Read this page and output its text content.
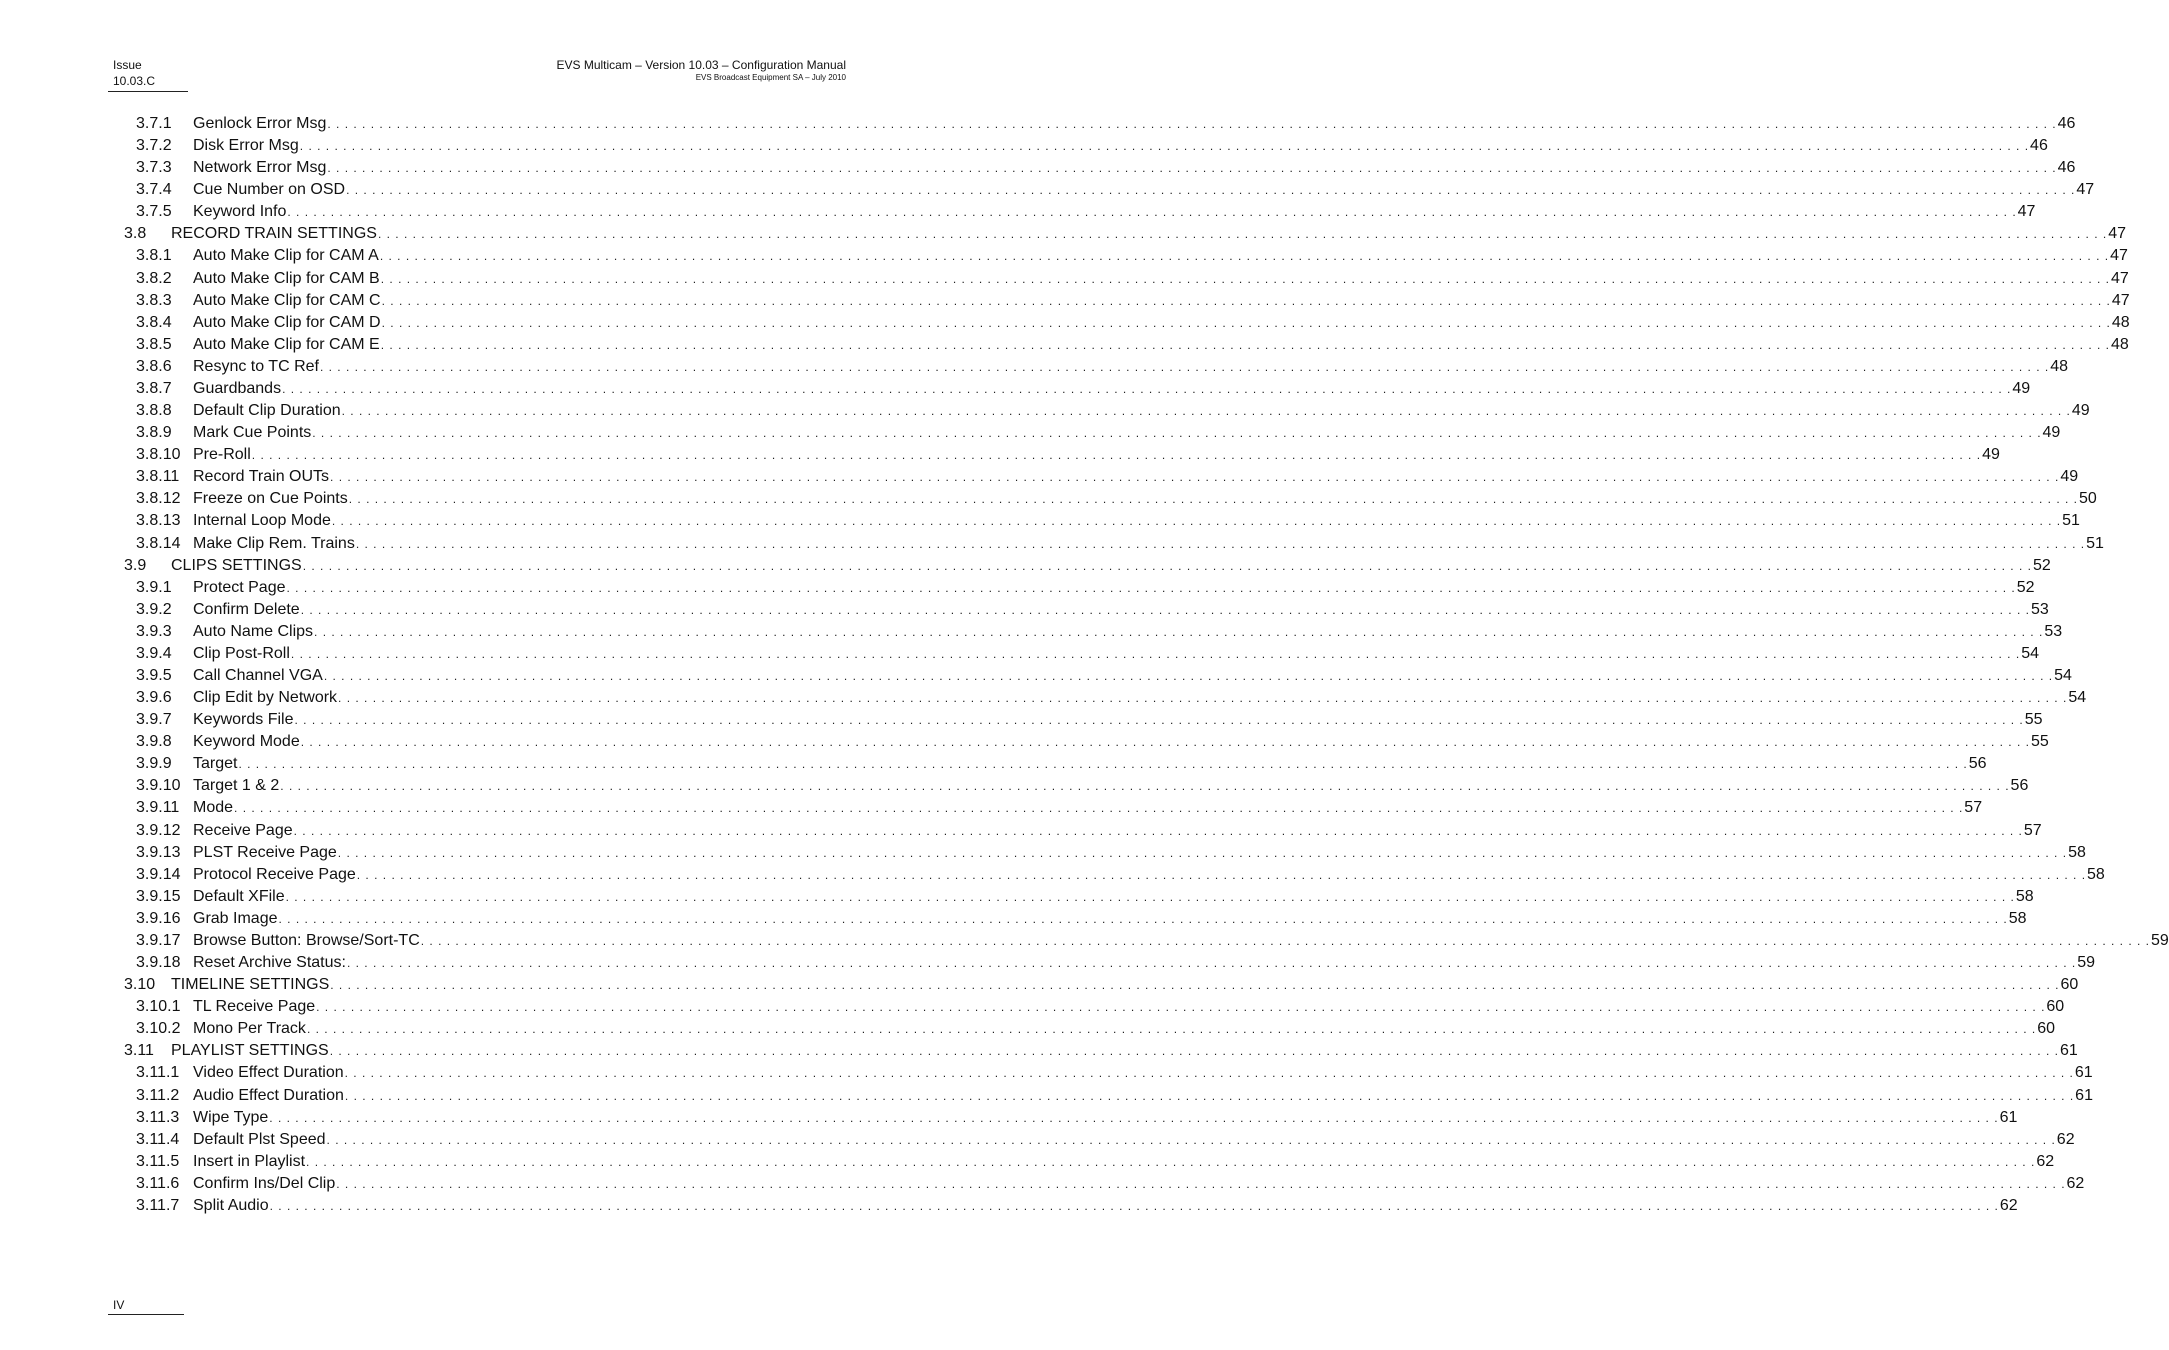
Issue
10.03.C
EVS Multicam – Version 10.03 – Configuration Manual
EVS Broadcast Equipment SA – July 2010
3.7.1 Genlock Error Msg . . . . . . . . . . . . . . . . . . . . . . . . . . . . . . . . . . . . . . . . . . . . . . . . . . . . . . . . . . . . . . . . . . . . . . . . . . . . . . . . . . . . . . . . . . . . . . . . . . . . . . . . . . . . . . . . . . . . . . . . . . . . . . . . . . . . . . . . . . . . . . . . . . . . . . . . . . . . . . . . . . . . . . . . . . . . . . . . . . . . . . . . . . . . . . . . . . . . . . . . 46
3.7.2 Disk Error Msg . . . . . . . . . . . . . . . . . . . . . . . . . . . . . . . . . . . . . . . . . . . . . . . . . . . . . . . . . . . . . . . . . . . . . . . . . . . . . . . . . . . . . . . . . . . . . . . . . . . . . . . . . . . . . . . . . . . . . . . . . . . . . . . . . . . . . . . . . . . . . . . . . . . . . . . . . . . . . . . . . . . . . . . . . . . . . . . . . . . . . . . . . . . . . . . . . . . . . . . . 46
3.7.3 Network Error Msg . . . . . . . . . . . . . . . . . . . . . . . . . . . . . . . . . . . . . . . . . . . . . . . . . . . . . . . . . . . . . . . . . . . . . . . . . . . . . . . . . . . . . . . . . . . . . . . . . . . . . . . . . . . . . . . . . . . . . . . . . . . . . . . . . . . . . . . . . . . . . . . . . . . . . . . . . . . . . . . . . . . . . . . . . . . . . . . . . . . . . . . . . . . . . . . . . . . . . . . . 46
3.7.4 Cue Number on OSD . . . . . . . . . . . . . . . . . . . . . . . . . . . . . . . . . . . . . . . . . . . . . . . . . . . . . . . . . . . . . . . . . . . . . . . . . . . . . . . . . . . . . . . . . . . . . . . . . . . . . . . . . . . . . . . . . . . . . . . . . . . . . . . . . . . . . . . . . . . . . . . . . . . . . . . . . . . . . . . . . . . . . . . . . . . . . . . . . . . . . . . . . . . . . . . . . . . . . . . . 47
3.7.5 Keyword Info . . . . . . . . . . . . . . . . . . . . . . . . . . . . . . . . . . . . . . . . . . . . . . . . . . . . . . . . . . . . . . . . . . . . . . . . . . . . . . . . . . . . . . . . . . . . . . . . . . . . . . . . . . . . . . . . . . . . . . . . . . . . . . . . . . . . . . . . . . . . . . . . . . . . . . . . . . . . . . . . . . . . . . . . . . . . . . . . . . . . . . . . . . . . . . . . . . . . . . . . 47
3.8 RECORD TRAIN SETTINGS . . . . . . . . . . . . . . . . . . . . . . . . . . . . . . . . . . . . . . . . . . . . . . . . . . . . . . . . . . . . . . . . . . . . . . . . . . . . . . . . . . . . . . . . . . . . . . . . . . . . . . . . . . . . . . . . . . . . . . . . . . . . . . . . . . . . . . . . . . . . . . . . . . . . . . . . . . . . . . . . . . . . . . . . . . . . . . . . . . . . . . . . . . . . . . . . . . . . . . . . 47
3.8.1 Auto Make Clip for CAM A . . . . . . . . . . . . . . . . . . . . . . . . . . . . . . . . . . . . . . . . . . . . . . . . . . . . . . . . . . . . . . . . . . . . . . . . . . . . . . . . . . . . . . . . . . . . . . . . . . . . . . . . . . . . . . . . . . . . . . . . . . . . . . . . . . . . . . . . . . . . . . . . . . . . . . . . . . . . . . . . . . . . . . . . . . . . . . . . . . . . . . . . . . . . . . . . . . . . . . . . 47
3.8.2 Auto Make Clip for CAM B . . . . . . . . . . . . . . . . . . . . . . . . . . . . . . . . . . . . . . . . . . . . . . . . . . . . . . . . . . . . . . . . . . . . . . . . . . . . . . . . . . . . . . . . . . . . . . . . . . . . . . . . . . . . . . . . . . . . . . . . . . . . . . . . . . . . . . . . . . . . . . . . . . . . . . . . . . . . . . . . . . . . . . . . . . . . . . . . . . . . . . . . . . . . . . . . . . . . . . . . 47
3.8.3 Auto Make Clip for CAM C . . . . . . . . . . . . . . . . . . . . . . . . . . . . . . . . . . . . . . . . . . . . . . . . . . . . . . . . . . . . . . . . . . . . . . . . . . . . . . . . . . . . . . . . . . . . . . . . . . . . . . . . . . . . . . . . . . . . . . . . . . . . . . . . . . . . . . . . . . . . . . . . . . . . . . . . . . . . . . . . . . . . . . . . . . . . . . . . . . . . . . . . . . . . . . . . . . . . . . . . 47
3.8.4 Auto Make Clip for CAM D . . . . . . . . . . . . . . . . . . . . . . . . . . . . . . . . . . . . . . . . . . . . . . . . . . . . . . . . . . . . . . . . . . . . . . . . . . . . . . . . . . . . . . . . . . . . . . . . . . . . . . . . . . . . . . . . . . . . . . . . . . . . . . . . . . . . . . . . . . . . . . . . . . . . . . . . . . . . . . . . . . . . . . . . . . . . . . . . . . . . . . . . . . . . . . . . . . . . . . . . 48
3.8.5 Auto Make Clip for CAM E . . . . . . . . . . . . . . . . . . . . . . . . . . . . . . . . . . . . . . . . . . . . . . . . . . . . . . . . . . . . . . . . . . . . . . . . . . . . . . . . . . . . . . . . . . . . . . . . . . . . . . . . . . . . . . . . . . . . . . . . . . . . . . . . . . . . . . . . . . . . . . . . . . . . . . . . . . . . . . . . . . . . . . . . . . . . . . . . . . . . . . . . . . . . . . . . . . . . . . . . 48
3.8.6 Resync to TC Ref . . . . . . . . . . . . . . . . . . . . . . . . . . . . . . . . . . . . . . . . . . . . . . . . . . . . . . . . . . . . . . . . . . . . . . . . . . . . . . . . . . . . . . . . . . . . . . . . . . . . . . . . . . . . . . . . . . . . . . . . . . . . . . . . . . . . . . . . . . . . . . . . . . . . . . . . . . . . . . . . . . . . . . . . . . . . . . . . . . . . . . . . . . . . . . . . . . . . . . . . 48
3.8.7 Guardbands . . . . . . . . . . . . . . . . . . . . . . . . . . . . . . . . . . . . . . . . . . . . . . . . . . . . . . . . . . . . . . . . . . . . . . . . . . . . . . . . . . . . . . . . . . . . . . . . . . . . . . . . . . . . . . . . . . . . . . . . . . . . . . . . . . . . . . . . . . . . . . . . . . . . . . . . . . . . . . . . . . . . . . . . . . . . . . . . . . . . . . . . . . . . . . . . . . . . . . . . 49
3.8.8 Default Clip Duration . . . . . . . . . . . . . . . . . . . . . . . . . . . . . . . . . . . . . . . . . . . . . . . . . . . . . . . . . . . . . . . . . . . . . . . . . . . . . . . . . . . . . . . . . . . . . . . . . . . . . . . . . . . . . . . . . . . . . . . . . . . . . . . . . . . . . . . . . . . . . . . . . . . . . . . . . . . . . . . . . . . . . . . . . . . . . . . . . . . . . . . . . . . . . . . . . . . . . . . . 49
3.8.9 Mark Cue Points . . . . . . . . . . . . . . . . . . . . . . . . . . . . . . . . . . . . . . . . . . . . . . . . . . . . . . . . . . . . . . . . . . . . . . . . . . . . . . . . . . . . . . . . . . . . . . . . . . . . . . . . . . . . . . . . . . . . . . . . . . . . . . . . . . . . . . . . . . . . . . . . . . . . . . . . . . . . . . . . . . . . . . . . . . . . . . . . . . . . . . . . . . . . . . . . . . . . . . . . 49
3.8.10 Pre-Roll . . . . . . . . . . . . . . . . . . . . . . . . . . . . . . . . . . . . . . . . . . . . . . . . . . . . . . . . . . . . . . . . . . . . . . . . . . . . . . . . . . . . . . . . . . . . . . . . . . . . . . . . . . . . . . . . . . . . . . . . . . . . . . . . . . . . . . . . . . . . . . . . . . . . . . . . . . . . . . . . . . . . . . . . . . . . . . . . . . . . . . . . . . . . . . . . . . . . . . . . 49
3.8.11 Record Train OUTs . . . . . . . . . . . . . . . . . . . . . . . . . . . . . . . . . . . . . . . . . . . . . . . . . . . . . . . . . . . . . . . . . . . . . . . . . . . . . . . . . . . . . . . . . . . . . . . . . . . . . . . . . . . . . . . . . . . . . . . . . . . . . . . . . . . . . . . . . . . . . . . . . . . . . . . . . . . . . . . . . . . . . . . . . . . . . . . . . . . . . . . . . . . . . . . . . . . . . . . . 49
3.8.12 Freeze on Cue Points . . . . . . . . . . . . . . . . . . . . . . . . . . . . . . . . . . . . . . . . . . . . . . . . . . . . . . . . . . . . . . . . . . . . . . . . . . . . . . . . . . . . . . . . . . . . . . . . . . . . . . . . . . . . . . . . . . . . . . . . . . . . . . . . . . . . . . . . . . . . . . . . . . . . . . . . . . . . . . . . . . . . . . . . . . . . . . . . . . . . . . . . . . . . . . . . . . . . . . . . 50
3.8.13 Internal Loop Mode . . . . . . . . . . . . . . . . . . . . . . . . . . . . . . . . . . . . . . . . . . . . . . . . . . . . . . . . . . . . . . . . . . . . . . . . . . . . . . . . . . . . . . . . . . . . . . . . . . . . . . . . . . . . . . . . . . . . . . . . . . . . . . . . . . . . . . . . . . . . . . . . . . . . . . . . . . . . . . . . . . . . . . . . . . . . . . . . . . . . . . . . . . . . . . . . . . . . . . . . 51
3.8.14 Make Clip Rem. Trains . . . . . . . . . . . . . . . . . . . . . . . . . . . . . . . . . . . . . . . . . . . . . . . . . . . . . . . . . . . . . . . . . . . . . . . . . . . . . . . . . . . . . . . . . . . . . . . . . . . . . . . . . . . . . . . . . . . . . . . . . . . . . . . . . . . . . . . . . . . . . . . . . . . . . . . . . . . . . . . . . . . . . . . . . . . . . . . . . . . . . . . . . . . . . . . . . . . . . . . . 51
3.9 CLIPS SETTINGS . . . . . . . . . . . . . . . . . . . . . . . . . . . . . . . . . . . . . . . . . . . . . . . . . . . . . . . . . . . . . . . . . . . . . . . . . . . . . . . . . . . . . . . . . . . . . . . . . . . . . . . . . . . . . . . . . . . . . . . . . . . . . . . . . . . . . . . . . . . . . . . . . . . . . . . . . . . . . . . . . . . . . . . . . . . . . . . . . . . . . . . . . . . . . . . . . . . . . . . . 52
3.9.1 Protect Page . . . . . . . . . . . . . . . . . . . . . . . . . . . . . . . . . . . . . . . . . . . . . . . . . . . . . . . . . . . . . . . . . . . . . . . . . . . . . . . . . . . . . . . . . . . . . . . . . . . . . . . . . . . . . . . . . . . . . . . . . . . . . . . . . . . . . . . . . . . . . . . . . . . . . . . . . . . . . . . . . . . . . . . . . . . . . . . . . . . . . . . . . . . . . . . . . . . . . . . . 52
3.9.2 Confirm Delete . . . . . . . . . . . . . . . . . . . . . . . . . . . . . . . . . . . . . . . . . . . . . . . . . . . . . . . . . . . . . . . . . . . . . . . . . . . . . . . . . . . . . . . . . . . . . . . . . . . . . . . . . . . . . . . . . . . . . . . . . . . . . . . . . . . . . . . . . . . . . . . . . . . . . . . . . . . . . . . . . . . . . . . . . . . . . . . . . . . . . . . . . . . . . . . . . . . . . . . . 53
3.9.3 Auto Name Clips . . . . . . . . . . . . . . . . . . . . . . . . . . . . . . . . . . . . . . . . . . . . . . . . . . . . . . . . . . . . . . . . . . . . . . . . . . . . . . . . . . . . . . . . . . . . . . . . . . . . . . . . . . . . . . . . . . . . . . . . . . . . . . . . . . . . . . . . . . . . . . . . . . . . . . . . . . . . . . . . . . . . . . . . . . . . . . . . . . . . . . . . . . . . . . . . . . . . . . . . 53
3.9.4 Clip Post-Roll . . . . . . . . . . . . . . . . . . . . . . . . . . . . . . . . . . . . . . . . . . . . . . . . . . . . . . . . . . . . . . . . . . . . . . . . . . . . . . . . . . . . . . . . . . . . . . . . . . . . . . . . . . . . . . . . . . . . . . . . . . . . . . . . . . . . . . . . . . . . . . . . . . . . . . . . . . . . . . . . . . . . . . . . . . . . . . . . . . . . . . . . . . . . . . . . . . . . . . . . 54
3.9.5 Call Channel VGA . . . . . . . . . . . . . . . . . . . . . . . . . . . . . . . . . . . . . . . . . . . . . . . . . . . . . . . . . . . . . . . . . . . . . . . . . . . . . . . . . . . . . . . . . . . . . . . . . . . . . . . . . . . . . . . . . . . . . . . . . . . . . . . . . . . . . . . . . . . . . . . . . . . . . . . . . . . . . . . . . . . . . . . . . . . . . . . . . . . . . . . . . . . . . . . . . . . . . . . . 54
3.9.6 Clip Edit by Network . . . . . . . . . . . . . . . . . . . . . . . . . . . . . . . . . . . . . . . . . . . . . . . . . . . . . . . . . . . . . . . . . . . . . . . . . . . . . . . . . . . . . . . . . . . . . . . . . . . . . . . . . . . . . . . . . . . . . . . . . . . . . . . . . . . . . . . . . . . . . . . . . . . . . . . . . . . . . . . . . . . . . . . . . . . . . . . . . . . . . . . . . . . . . . . . . . . . . . . . 54
3.9.7 Keywords File . . . . . . . . . . . . . . . . . . . . . . . . . . . . . . . . . . . . . . . . . . . . . . . . . . . . . . . . . . . . . . . . . . . . . . . . . . . . . . . . . . . . . . . . . . . . . . . . . . . . . . . . . . . . . . . . . . . . . . . . . . . . . . . . . . . . . . . . . . . . . . . . . . . . . . . . . . . . . . . . . . . . . . . . . . . . . . . . . . . . . . . . . . . . . . . . . . . . . . . . 55
3.9.8 Keyword Mode . . . . . . . . . . . . . . . . . . . . . . . . . . . . . . . . . . . . . . . . . . . . . . . . . . . . . . . . . . . . . . . . . . . . . . . . . . . . . . . . . . . . . . . . . . . . . . . . . . . . . . . . . . . . . . . . . . . . . . . . . . . . . . . . . . . . . . . . . . . . . . . . . . . . . . . . . . . . . . . . . . . . . . . . . . . . . . . . . . . . . . . . . . . . . . . . . . . . . . . . 55
3.9.9 Target . . . . . . . . . . . . . . . . . . . . . . . . . . . . . . . . . . . . . . . . . . . . . . . . . . . . . . . . . . . . . . . . . . . . . . . . . . . . . . . . . . . . . . . . . . . . . . . . . . . . . . . . . . . . . . . . . . . . . . . . . . . . . . . . . . . . . . . . . . . . . . . . . . . . . . . . . . . . . . . . . . . . . . . . . . . . . . . . . . . . . . . . . . . . . . . . . . . . . . . . 56
3.9.10 Target 1 & 2 . . . . . . . . . . . . . . . . . . . . . . . . . . . . . . . . . . . . . . . . . . . . . . . . . . . . . . . . . . . . . . . . . . . . . . . . . . . . . . . . . . . . . . . . . . . . . . . . . . . . . . . . . . . . . . . . . . . . . . . . . . . . . . . . . . . . . . . . . . . . . . . . . . . . . . . . . . . . . . . . . . . . . . . . . . . . . . . . . . . . . . . . . . . . . . . . . . . . . . . . 56
3.9.11 Mode . . . . . . . . . . . . . . . . . . . . . . . . . . . . . . . . . . . . . . . . . . . . . . . . . . . . . . . . . . . . . . . . . . . . . . . . . . . . . . . . . . . . . . . . . . . . . . . . . . . . . . . . . . . . . . . . . . . . . . . . . . . . . . . . . . . . . . . . . . . . . . . . . . . . . . . . . . . . . . . . . . . . . . . . . . . . . . . . . . . . . . . . . . . . . . . . . . . . . . . . 57
3.9.12 Receive Page . . . . . . . . . . . . . . . . . . . . . . . . . . . . . . . . . . . . . . . . . . . . . . . . . . . . . . . . . . . . . . . . . . . . . . . . . . . . . . . . . . . . . . . . . . . . . . . . . . . . . . . . . . . . . . . . . . . . . . . . . . . . . . . . . . . . . . . . . . . . . . . . . . . . . . . . . . . . . . . . . . . . . . . . . . . . . . . . . . . . . . . . . . . . . . . . . . . . . . . . 57
3.9.13 PLST Receive Page . . . . . . . . . . . . . . . . . . . . . . . . . . . . . . . . . . . . . . . . . . . . . . . . . . . . . . . . . . . . . . . . . . . . . . . . . . . . . . . . . . . . . . . . . . . . . . . . . . . . . . . . . . . . . . . . . . . . . . . . . . . . . . . . . . . . . . . . . . . . . . . . . . . . . . . . . . . . . . . . . . . . . . . . . . . . . . . . . . . . . . . . . . . . . . . . . . . . . . . . 58
3.9.14 Protocol Receive Page . . . . . . . . . . . . . . . . . . . . . . . . . . . . . . . . . . . . . . . . . . . . . . . . . . . . . . . . . . . . . . . . . . . . . . . . . . . . . . . . . . . . . . . . . . . . . . . . . . . . . . . . . . . . . . . . . . . . . . . . . . . . . . . . . . . . . . . . . . . . . . . . . . . . . . . . . . . . . . . . . . . . . . . . . . . . . . . . . . . . . . . . . . . . . . . . . . . . . . . . 58
3.9.15 Default XFile . . . . . . . . . . . . . . . . . . . . . . . . . . . . . . . . . . . . . . . . . . . . . . . . . . . . . . . . . . . . . . . . . . . . . . . . . . . . . . . . . . . . . . . . . . . . . . . . . . . . . . . . . . . . . . . . . . . . . . . . . . . . . . . . . . . . . . . . . . . . . . . . . . . . . . . . . . . . . . . . . . . . . . . . . . . . . . . . . . . . . . . . . . . . . . . . . . . . . . . . 58
3.9.16 Grab Image . . . . . . . . . . . . . . . . . . . . . . . . . . . . . . . . . . . . . . . . . . . . . . . . . . . . . . . . . . . . . . . . . . . . . . . . . . . . . . . . . . . . . . . . . . . . . . . . . . . . . . . . . . . . . . . . . . . . . . . . . . . . . . . . . . . . . . . . . . . . . . . . . . . . . . . . . . . . . . . . . . . . . . . . . . . . . . . . . . . . . . . . . . . . . . . . . . . . . . . . 58
3.9.17 Browse Button: Browse/Sort-TC . . . . . . . . . . . . . . . . . . . . . . . . . . . . . . . . . . . . . . . . . . . . . . . . . . . . . . . . . . . . . . . . . . . . . . . . . . . . . . . . . . . . . . . . . . . . . . . . . . . . . . . . . . . . . . . . . . . . . . . . . . . . . . . . . . . . . . . . . . . . . . . . . . . . . . . . . . . . . . . . . . . . . . . . . . . . . . . . . . . . . . . . . . . . . . . . . . . . . . . . 59
3.9.18 Reset Archive Status: . . . . . . . . . . . . . . . . . . . . . . . . . . . . . . . . . . . . . . . . . . . . . . . . . . . . . . . . . . . . . . . . . . . . . . . . . . . . . . . . . . . . . . . . . . . . . . . . . . . . . . . . . . . . . . . . . . . . . . . . . . . . . . . . . . . . . . . . . . . . . . . . . . . . . . . . . . . . . . . . . . . . . . . . . . . . . . . . . . . . . . . . . . . . . . . . . . . . . . . . 59
3.10 TIMELINE SETTINGS . . . . . . . . . . . . . . . . . . . . . . . . . . . . . . . . . . . . . . . . . . . . . . . . . . . . . . . . . . . . . . . . . . . . . . . . . . . . . . . . . . . . . . . . . . . . . . . . . . . . . . . . . . . . . . . . . . . . . . . . . . . . . . . . . . . . . . . . . . . . . . . . . . . . . . . . . . . . . . . . . . . . . . . . . . . . . . . . . . . . . . . . . . . . . . . . . . . . . . . . 60
3.10.1 TL Receive Page . . . . . . . . . . . . . . . . . . . . . . . . . . . . . . . . . . . . . . . . . . . . . . . . . . . . . . . . . . . . . . . . . . . . . . . . . . . . . . . . . . . . . . . . . . . . . . . . . . . . . . . . . . . . . . . . . . . . . . . . . . . . . . . . . . . . . . . . . . . . . . . . . . . . . . . . . . . . . . . . . . . . . . . . . . . . . . . . . . . . . . . . . . . . . . . . . . . . . . . . 60
3.10.2 Mono Per Track . . . . . . . . . . . . . . . . . . . . . . . . . . . . . . . . . . . . . . . . . . . . . . . . . . . . . . . . . . . . . . . . . . . . . . . . . . . . . . . . . . . . . . . . . . . . . . . . . . . . . . . . . . . . . . . . . . . . . . . . . . . . . . . . . . . . . . . . . . . . . . . . . . . . . . . . . . . . . . . . . . . . . . . . . . . . . . . . . . . . . . . . . . . . . . . . . . . . . . . . 60
3.11 PLAYLIST SETTINGS . . . . . . . . . . . . . . . . . . . . . . . . . . . . . . . . . . . . . . . . . . . . . . . . . . . . . . . . . . . . . . . . . . . . . . . . . . . . . . . . . . . . . . . . . . . . . . . . . . . . . . . . . . . . . . . . . . . . . . . . . . . . . . . . . . . . . . . . . . . . . . . . . . . . . . . . . . . . . . . . . . . . . . . . . . . . . . . . . . . . . . . . . . . . . . . . . . . . . . . . 61
3.11.1 Video Effect Duration . . . . . . . . . . . . . . . . . . . . . . . . . . . . . . . . . . . . . . . . . . . . . . . . . . . . . . . . . . . . . . . . . . . . . . . . . . . . . . . . . . . . . . . . . . . . . . . . . . . . . . . . . . . . . . . . . . . . . . . . . . . . . . . . . . . . . . . . . . . . . . . . . . . . . . . . . . . . . . . . . . . . . . . . . . . . . . . . . . . . . . . . . . . . . . . . . . . . . . . . 61
3.11.2 Audio Effect Duration . . . . . . . . . . . . . . . . . . . . . . . . . . . . . . . . . . . . . . . . . . . . . . . . . . . . . . . . . . . . . . . . . . . . . . . . . . . . . . . . . . . . . . . . . . . . . . . . . . . . . . . . . . . . . . . . . . . . . . . . . . . . . . . . . . . . . . . . . . . . . . . . . . . . . . . . . . . . . . . . . . . . . . . . . . . . . . . . . . . . . . . . . . . . . . . . . . . . . . . . 61
3.11.3 Wipe Type . . . . . . . . . . . . . . . . . . . . . . . . . . . . . . . . . . . . . . . . . . . . . . . . . . . . . . . . . . . . . . . . . . . . . . . . . . . . . . . . . . . . . . . . . . . . . . . . . . . . . . . . . . . . . . . . . . . . . . . . . . . . . . . . . . . . . . . . . . . . . . . . . . . . . . . . . . . . . . . . . . . . . . . . . . . . . . . . . . . . . . . . . . . . . . . . . . . . . . . . 61
3.11.4 Default Plst Speed . . . . . . . . . . . . . . . . . . . . . . . . . . . . . . . . . . . . . . . . . . . . . . . . . . . . . . . . . . . . . . . . . . . . . . . . . . . . . . . . . . . . . . . . . . . . . . . . . . . . . . . . . . . . . . . . . . . . . . . . . . . . . . . . . . . . . . . . . . . . . . . . . . . . . . . . . . . . . . . . . . . . . . . . . . . . . . . . . . . . . . . . . . . . . . . . . . . . . . . . 62
3.11.5 Insert in Playlist . . . . . . . . . . . . . . . . . . . . . . . . . . . . . . . . . . . . . . . . . . . . . . . . . . . . . . . . . . . . . . . . . . . . . . . . . . . . . . . . . . . . . . . . . . . . . . . . . . . . . . . . . . . . . . . . . . . . . . . . . . . . . . . . . . . . . . . . . . . . . . . . . . . . . . . . . . . . . . . . . . . . . . . . . . . . . . . . . . . . . . . . . . . . . . . . . . . . . . . . 62
3.11.6 Confirm Ins/Del Clip . . . . . . . . . . . . . . . . . . . . . . . . . . . . . . . . . . . . . . . . . . . . . . . . . . . . . . . . . . . . . . . . . . . . . . . . . . . . . . . . . . . . . . . . . . . . . . . . . . . . . . . . . . . . . . . . . . . . . . . . . . . . . . . . . . . . . . . . . . . . . . . . . . . . . . . . . . . . . . . . . . . . . . . . . . . . . . . . . . . . . . . . . . . . . . . . . . . . . . . . 62
3.11.7 Split Audio . . . . . . . . . . . . . . . . . . . . . . . . . . . . . . . . . . . . . . . . . . . . . . . . . . . . . . . . . . . . . . . . . . . . . . . . . . . . . . . . . . . . . . . . . . . . . . . . . . . . . . . . . . . . . . . . . . . . . . . . . . . . . . . . . . . . . . . . . . . . . . . . . . . . . . . . . . . . . . . . . . . . . . . . . . . . . . . . . . . . . . . . . . . . . . . . . . . . . . . . 62
IV
